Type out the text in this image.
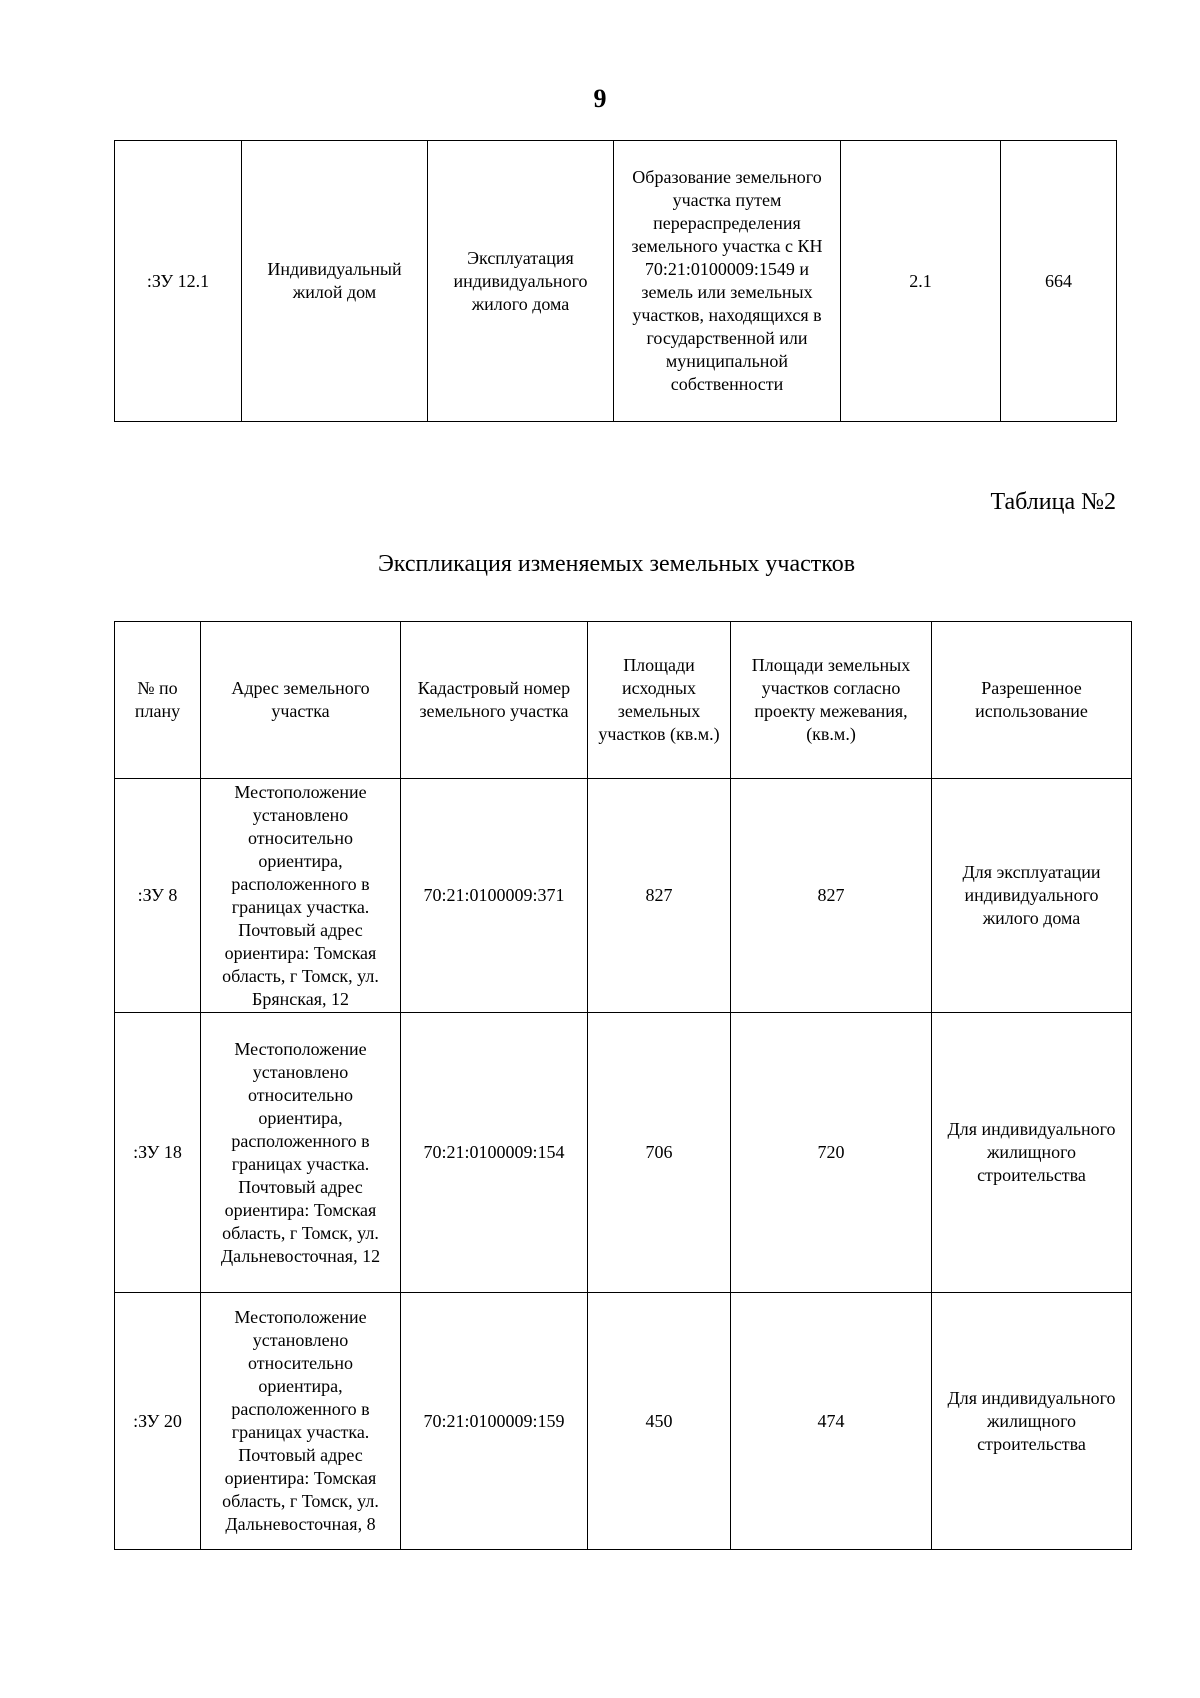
9
:ЗУ 12.1	Индивидуальный жилой дом	Эксплуатация индивидуального жилого дома	Образование земельного участка путем перераспределения земельного участка с КН 70:21:0100009:1549 и земель или земельных участков, находящихся в государственной или муниципальной собственности	2.1	664
Таблица №2
Экспликация изменяемых земельных участков
№ по плану	Адрес земельного участка	Кадастровый номер земельного участка	Площади исходных земельных участков (кв.м.)	Площади земельных участков согласно проекту межевания, (кв.м.)	Разрешенное использование
:ЗУ 8	Местоположение установлено относительно ориентира, расположенного в границах участка. Почтовый адрес ориентира: Томская область, г Томск, ул. Брянская, 12	70:21:0100009:371	827	827	Для эксплуатации индивидуального жилого дома
:ЗУ 18	Местоположение установлено относительно ориентира, расположенного в границах участка. Почтовый адрес ориентира: Томская область, г Томск, ул. Дальневосточная, 12	70:21:0100009:154	706	720	Для индивидуального жилищного строительства
:ЗУ 20	Местоположение установлено относительно ориентира, расположенного в границах участка. Почтовый адрес ориентира: Томская область, г Томск, ул. Дальневосточная, 8	70:21:0100009:159	450	474	Для индивидуального жилищного строительства
